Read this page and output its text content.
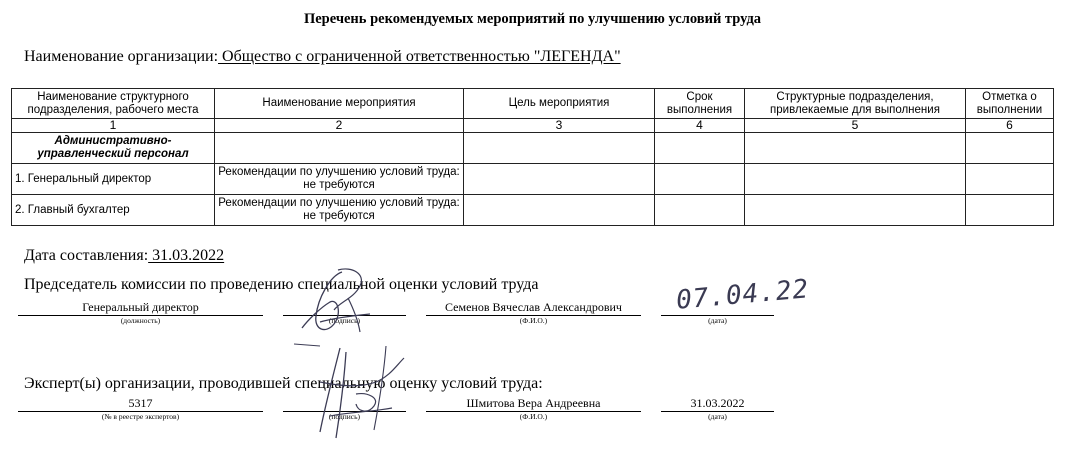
Перечень рекомендуемых мероприятий по улучшению условий труда
Наименование организации: Общество с ограниченной ответственностью "ЛЕГЕНДА"
Наименование структурного подразделения, рабочего места	Наименование мероприятия	Цель мероприятия	Срок выполнения	Структурные подразделения, привлекаемые для выполнения	Отметка о выполнении
1	2	3	4	5	6
Административно-управленческий персонал					
1. Генеральный директор	Рекомендации по улучшению условий труда: не требуются				
2. Главный бухгалтер	Рекомендации по улучшению условий труда: не требуются				
Дата составления: 31.03.2022
Председатель комиссии по проведению специальной оценки условий труда
Генеральный директор
(должность)	(подпись)
Семенов Вячеслав Александрович
(Ф.И.О.)	(дата)
07.04.22
Эксперт(ы) организации, проводившей специальную оценку условий труда:
5317
(№ в реестре экспертов)	(подпись)
Шмитова Вера Андреевна
(Ф.И.О.)
31.03.2022
(дата)
